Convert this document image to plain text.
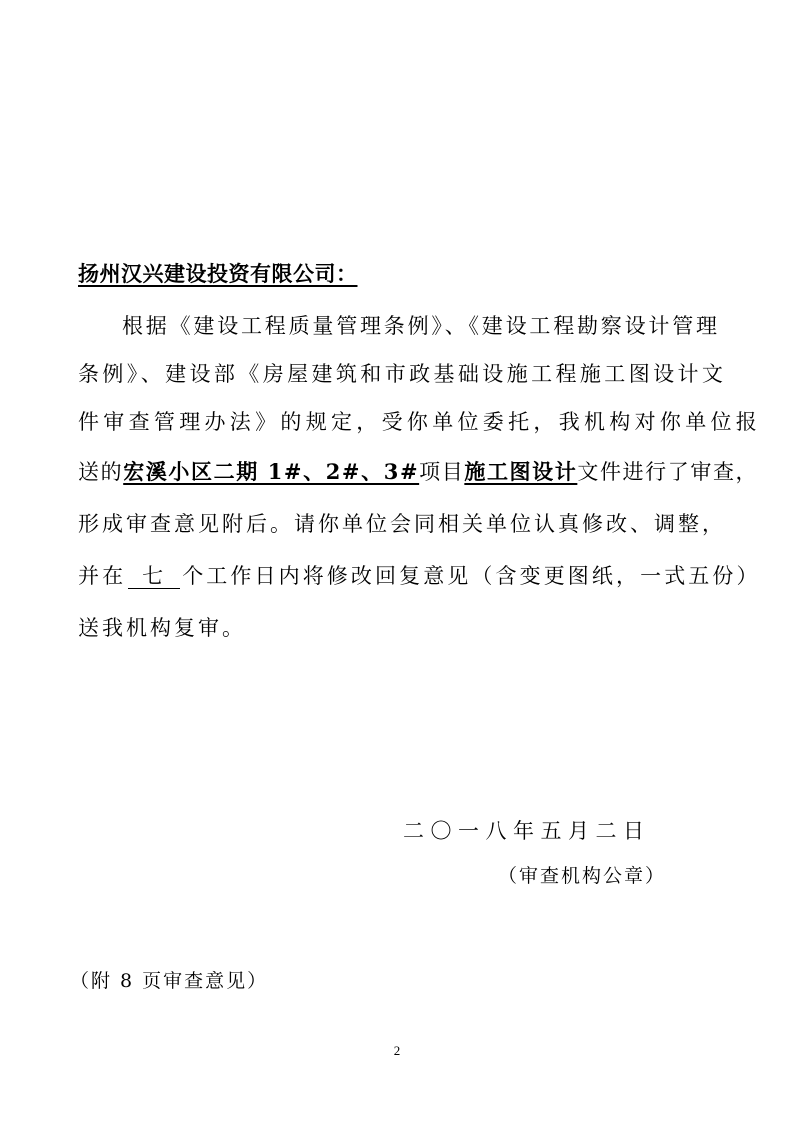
扬州汉兴建设投资有限公司：
根据《建设工程质量管理条例》、《建设工程勘察设计管理
条例》、建设部《房屋建筑和市政基础设施工程施工图设计文
件审查管理办法》的规定，受你单位委托，我机构对你单位报
送的宏溪小区二期 1#、2#、3#项目施工图设计文件进行了审查，
形成审查意见附后。请你单位会同相关单位认真修改、调整，
并在 七 个工作日内将修改回复意见（含变更图纸，一式五份）
送我机构复审。
二〇一八年五月二日
（审查机构公章）
（附 8 页审查意见）
2
